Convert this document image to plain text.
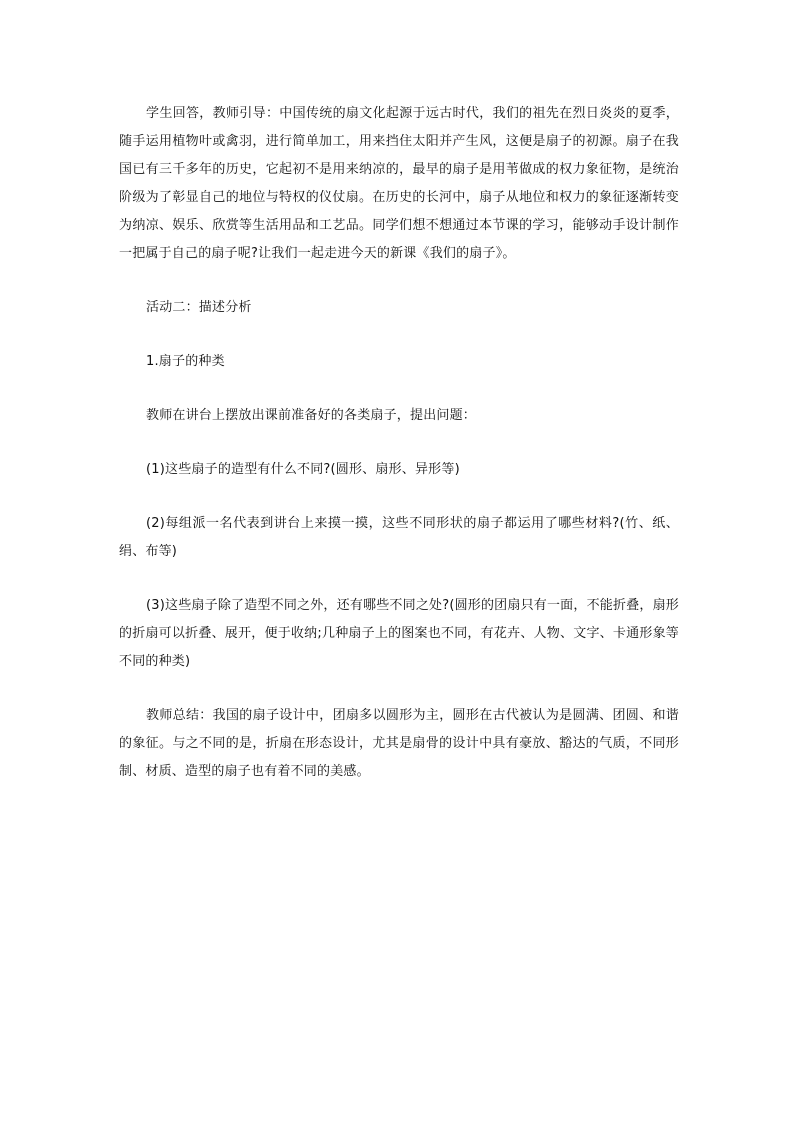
学生回答，教师引导：中国传统的扇文化起源于远古时代，我们的祖先在烈日炎炎的夏季，随手运用植物叶或禽羽，进行简单加工，用来挡住太阳并产生风，这便是扇子的初源。扇子在我国已有三千多年的历史，它起初不是用来纳凉的，最早的扇子是用苇做成的权力象征物，是统治阶级为了彰显自己的地位与特权的仪仗扇。在历史的长河中，扇子从地位和权力的象征逐渐转变为纳凉、娱乐、欣赏等生活用品和工艺品。同学们想不想通过本节课的学习，能够动手设计制作一把属于自己的扇子呢?让我们一起走进今天的新课《我们的扇子》。

活动二：描述分析

1.扇子的种类

教师在讲台上摆放出课前准备好的各类扇子，提出问题：

(1)这些扇子的造型有什么不同?(圆形、扇形、异形等)

(2)每组派一名代表到讲台上来摸一摸，这些不同形状的扇子都运用了哪些材料?(竹、纸、绢、布等)

(3)这些扇子除了造型不同之外，还有哪些不同之处?(圆形的团扇只有一面，不能折叠，扇形的折扇可以折叠、展开，便于收纳;几种扇子上的图案也不同，有花卉、人物、文字、卡通形象等不同的种类)

教师总结：我国的扇子设计中，团扇多以圆形为主，圆形在古代被认为是圆满、团圆、和谐的象征。与之不同的是，折扇在形态设计，尤其是扇骨的设计中具有豪放、豁达的气质，不同形制、材质、造型的扇子也有着不同的美感。
